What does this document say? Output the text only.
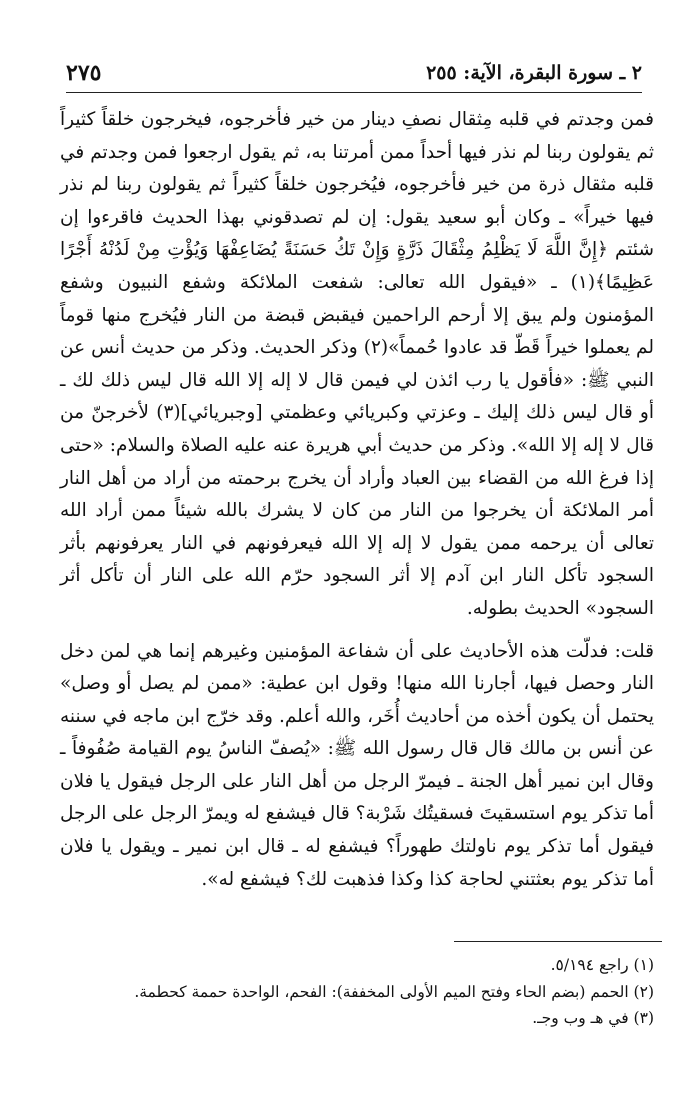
٢٧٥	٢ ـ سورة البقرة، الآية: ٢٥٥

فمن وجدتم في قلبه مِثقال نصفِ دينار من خير فأخرجوه، فيخرجون خلقاً كثيراً ثم يقولون ربنا لم نذر فيها أحداً ممن أمرتنا به، ثم يقول ارجعوا فمن وجدتم في قلبه مثقال ذرة من خير فأخرجوه، فيُخرجون خلقاً كثيراً ثم يقولون ربنا لم نذر فيها خيراً» ـ وكان أبو سعيد يقول: إن لم تصدقوني بهذا الحديث فاقرءوا إن شئتم ﴿إِنَّ اللَّهَ لَا يَظْلِمُ مِثْقَالَ ذَرَّةٍ وَإِنْ تَكُ حَسَنَةً يُضَاعِفْهَا وَيُؤْتِ مِنْ لَدُنْهُ أَجْرًا عَظِيمًا﴾(١) ـ «فيقول الله تعالى: شفعت الملائكة وشفع النبيون وشفع المؤمنون ولم يبق إلا أرحم الراحمين فيقبض قبضة من النار فيُخرج منها قوماً لم يعملوا خيراً قَطّ قد عادوا حُمماً»(٢) وذكر الحديث. وذكر من حديث أنس عن النبي ﷺ: «فأقول يا رب ائذن لي فيمن قال لا إله إلا الله قال ليس ذلك لك ـ أو قال ليس ذلك إليك ـ وعزتي وكبريائي وعظمتي [وجبريائي](٣) لأخرجنّ من قال لا إله إلا الله». وذكر من حديث أبي هريرة عنه عليه الصلاة والسلام: «حتى إذا فرغ الله من القضاء بين العباد وأراد أن يخرج برحمته من أراد من أهل النار أمر الملائكة أن يخرجوا من النار من كان لا يشرك بالله شيئاً ممن أراد الله تعالى أن يرحمه ممن يقول لا إله إلا الله فيعرفونهم في النار يعرفونهم بأثر السجود تأكل النار ابن آدم إلا أثر السجود حرّم الله على النار أن تأكل أثر السجود» الحديث بطوله.

قلت: فدلّت هذه الأحاديث على أن شفاعة المؤمنين وغيرهم إنما هي لمن دخل النار وحصل فيها، أجارنا الله منها! وقول ابن عطية: «ممن لم يصل أو وصل» يحتمل أن يكون أخذه من أحاديث أُخَر، والله أعلم. وقد خرّج ابن ماجه في سننه عن أنس بن مالك قال قال رسول الله ﷺ: «يُصفّ الناسُ يوم القيامة صُفُوفاً ـ وقال ابن نمير أهل الجنة ـ فيمرّ الرجل من أهل النار على الرجل فيقول يا فلان أما تذكر يوم استسقيتَ فسقيتُك شَرْبة؟ قال فيشفع له ويمرّ الرجل على الرجل فيقول أما تذكر يوم ناولتك طهوراً؟ فيشفع له ـ قال ابن نمير ـ ويقول يا فلان أما تذكر يوم بعثتني لحاجة كذا وكذا فذهبت لك؟ فيشفع له».

(١) راجع ٥/١٩٤.
(٢) الحمم (بضم الحاء وفتح الميم الأولى المخففة): الفحم، الواحدة حممة كحطمة.
(٣) في هـ وب وجـ.
